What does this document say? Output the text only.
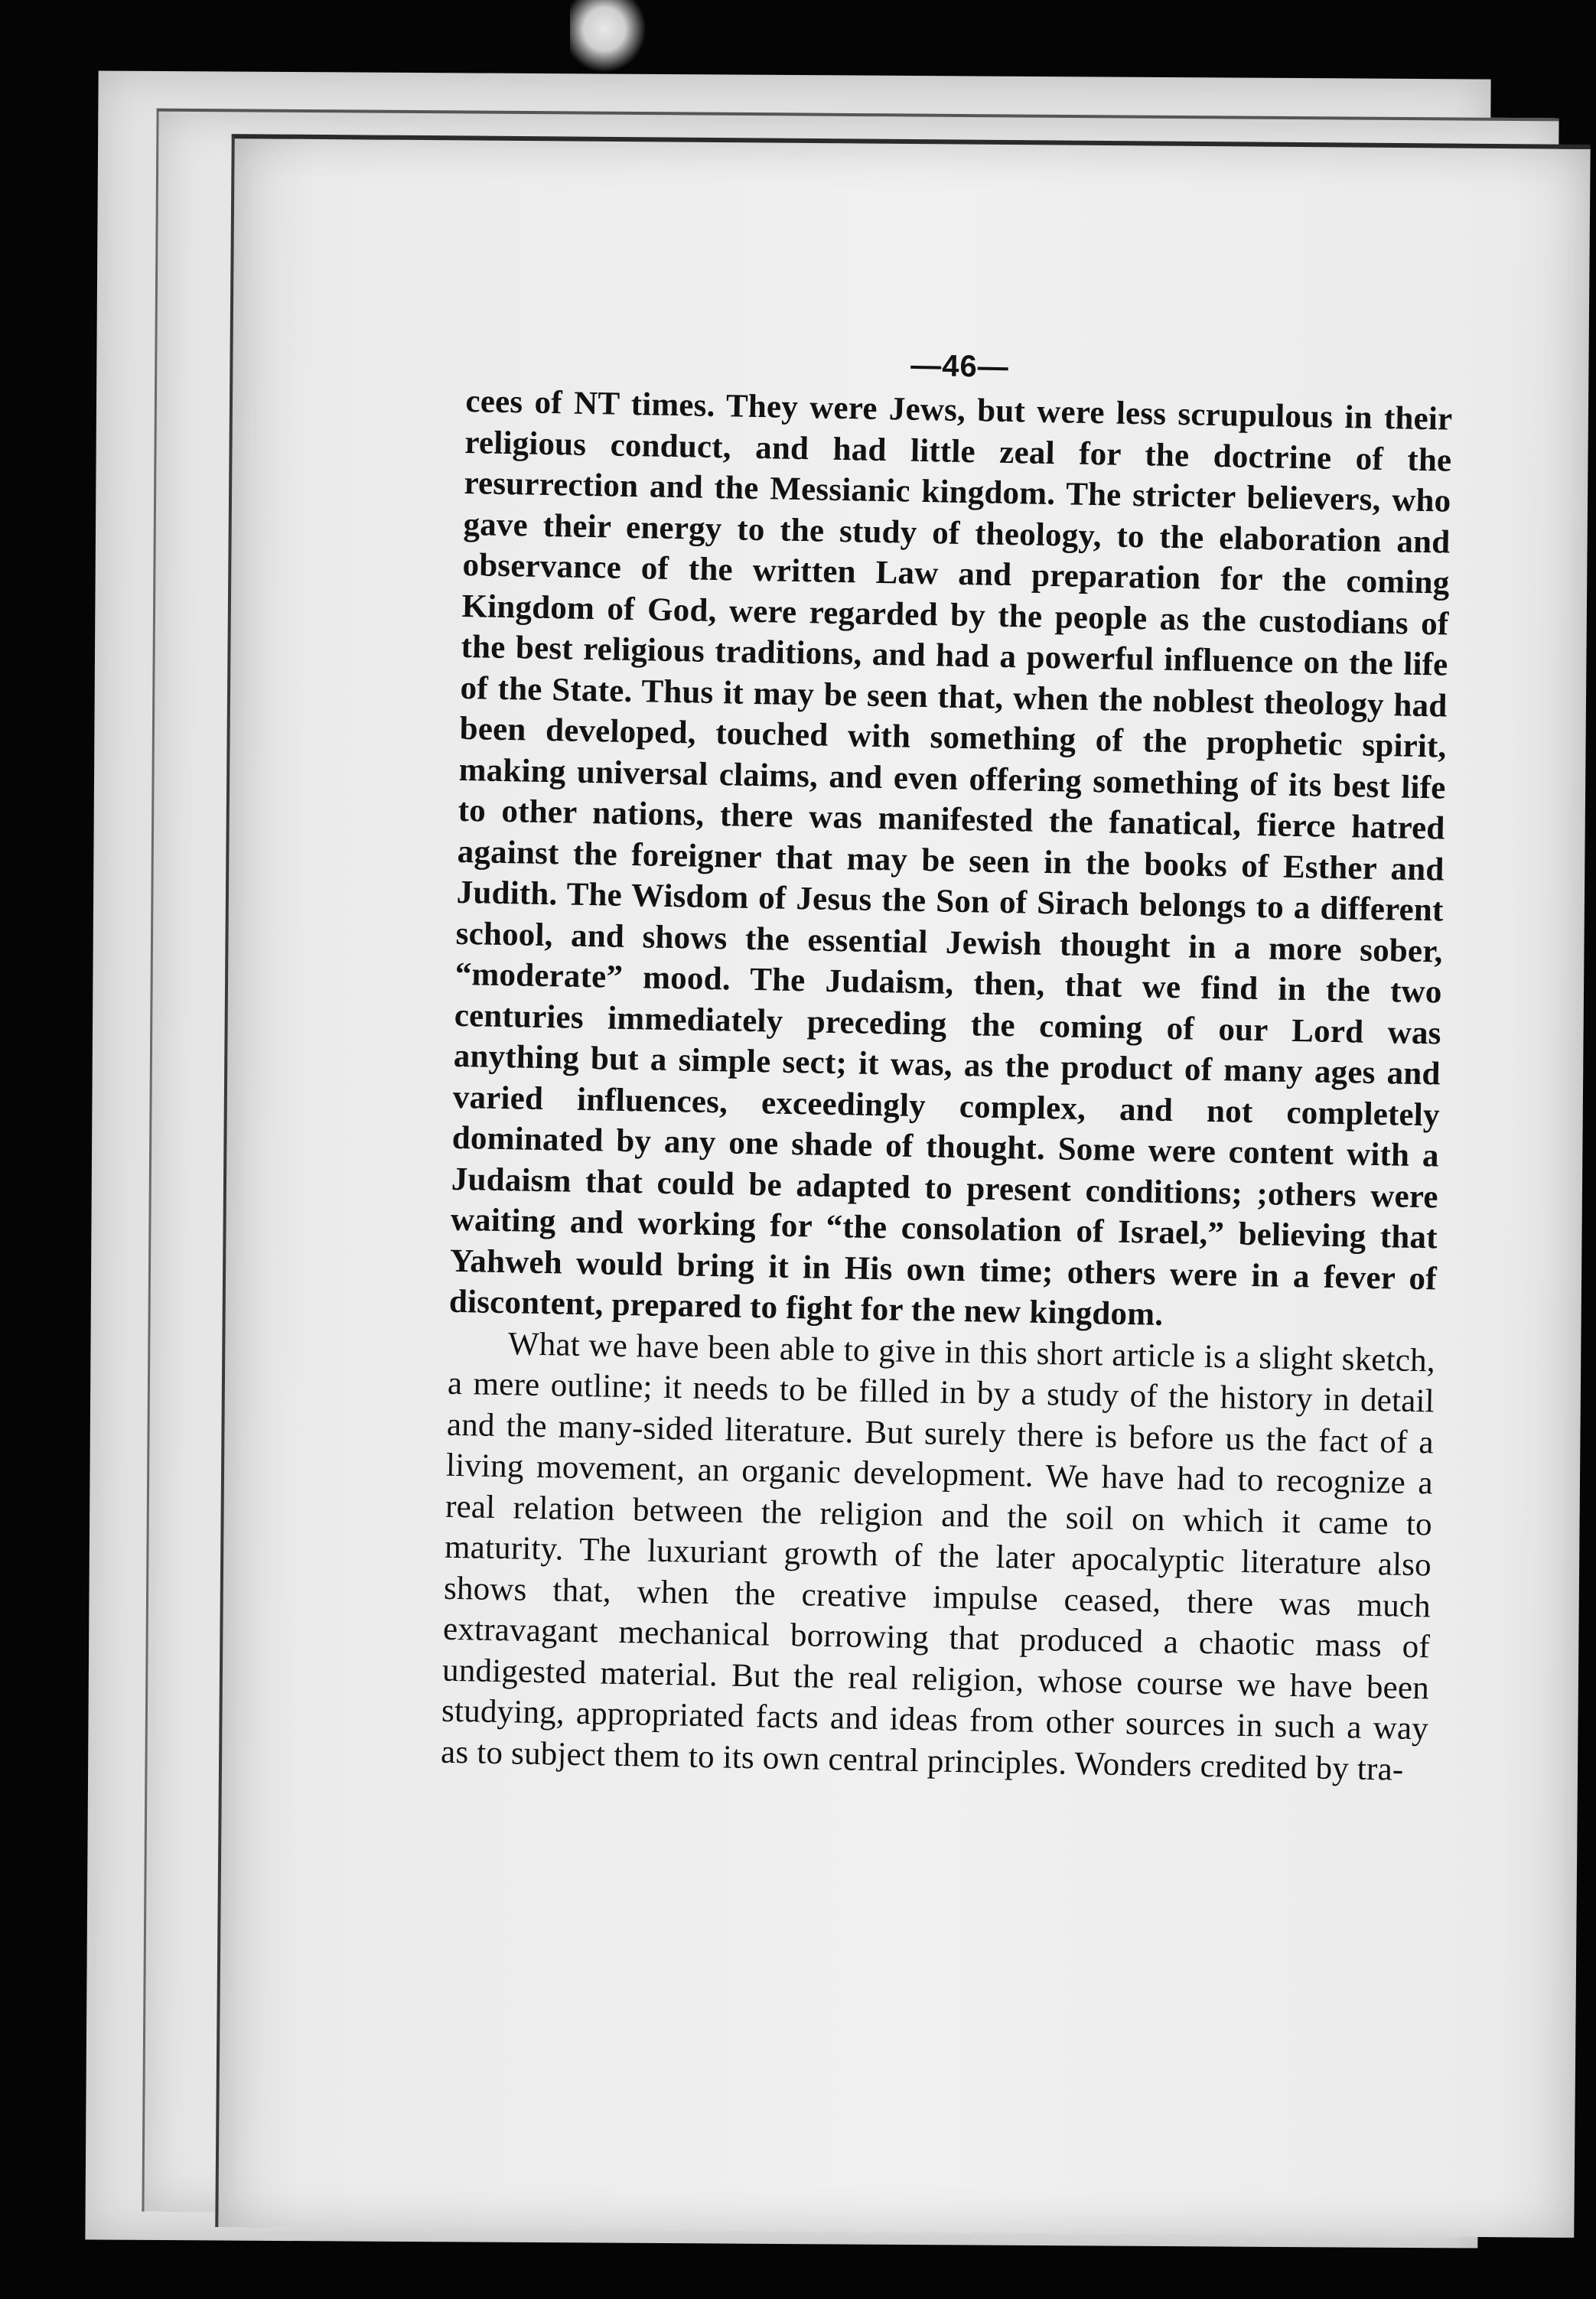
—46—

cees of NT times. They were Jews, but were less scrupulous in their religious conduct, and had little zeal for the doctrine of the resurrection and the Messianic kingdom. The stricter believers, who gave their energy to the study of theology, to the elaboration and observance of the written Law and preparation for the coming Kingdom of God, were regarded by the people as the custodians of the best religious traditions, and had a powerful influence on the life of the State. Thus it may be seen that, when the noblest theology had been developed, touched with something of the prophetic spirit, making universal claims, and even offering something of its best life to other nations, there was manifested the fanatical, fierce hatred against the foreigner that may be seen in the books of Esther and Judith. The Wisdom of Jesus the Son of Sirach belongs to a different school, and shows the essential Jewish thought in a more sober, “moderate” mood. The Judaism, then, that we find in the two centuries immediately preceding the coming of our Lord was anything but a simple sect; it was, as the product of many ages and varied influences, exceedingly complex, and not completely dominated by any one shade of thought. Some were content with a Judaism that could be adapted to present conditions; ;others were waiting and working for “the consolation of Israel,” believing that Yahweh would bring it in His own time; others were in a fever of discontent, prepared to fight for the new kingdom.

What we have been able to give in this short article is a slight sketch, a mere outline; it needs to be filled in by a study of the history in detail and the many-sided literature. But surely there is before us the fact of a living movement, an organic development. We have had to recognize a real relation between the religion and the soil on which it came to maturity. The luxuriant growth of the later apocalyptic literature also shows that, when the creative impulse ceased, there was much extravagant mechanical borrowing that produced a chaotic mass of undigested material. But the real religion, whose course we have been studying, appropriated facts and ideas from other sources in such a way as to subject them to its own central principles. Wonders credited by tra-
